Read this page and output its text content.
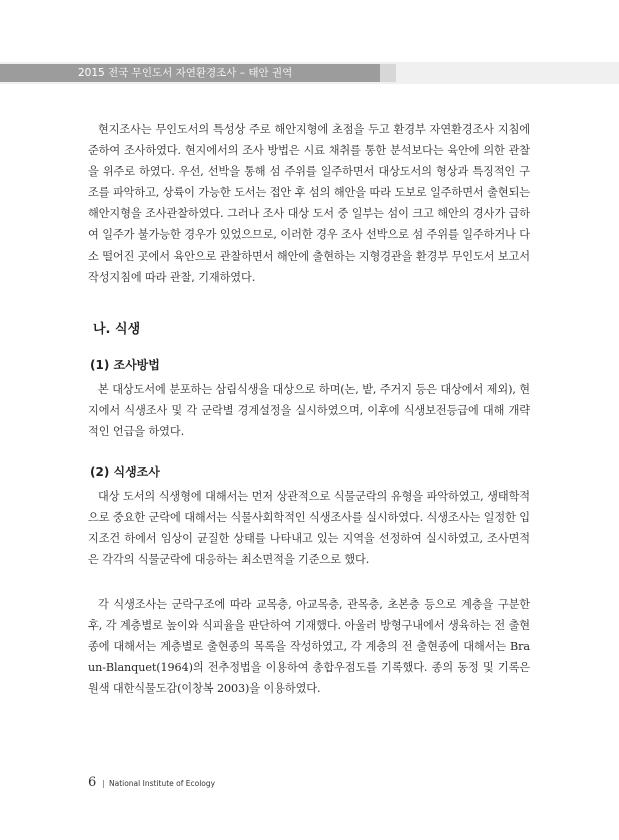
2015 전국 무인도서 자연환경조사 – 태안 권역

현지조사는 무인도서의 특성상 주로 해안지형에 초점을 두고 환경부 자연환경조사 지침에 준하여 조사하였다. 현지에서의 조사 방법은 시료 채취를 통한 분석보다는 육안에 의한 관찰을 위주로 하였다. 우선, 선박을 통해 섬 주위를 일주하면서 대상도서의 형상과 특징적인 구조를 파악하고, 상륙이 가능한 도서는 접안 후 섬의 해안을 따라 도보로 일주하면서 출현되는 해안지형을 조사관찰하였다. 그러나 조사 대상 도서 중 일부는 섬이 크고 해안의 경사가 급하여 일주가 불가능한 경우가 있었으므로, 이러한 경우 조사 선박으로 섬 주위를 일주하거나 다소 떨어진 곳에서 육안으로 관찰하면서 해안에 출현하는 지형경관을 환경부 무인도서 보고서 작성지침에 따라 관찰, 기재하였다.

나. 식생
(1) 조사방법

본 대상도서에 분포하는 삼림식생을 대상으로 하며(논, 밭, 주거지 등은 대상에서 제외), 현지에서 식생조사 및 각 군락별 경계설정을 실시하였으며, 이후에 식생보전등급에 대해 개략적인 언급을 하였다.

(2) 식생조사

대상 도서의 식생형에 대해서는 먼저 상관적으로 식물군락의 유형을 파악하였고, 생태학적으로 중요한 군락에 대해서는 식물사회학적인 식생조사를 실시하였다. 식생조사는 일정한 입지조건 하에서 임상이 균질한 상태를 나타내고 있는 지역을 선정하여 실시하였고, 조사면적은 각각의 식물군락에 대응하는 최소면적을 기준으로 했다.

각 식생조사는 군락구조에 따라 교목층, 아교목층, 관목층, 초본층 등으로 계층을 구분한 후, 각 계층별로 높이와 식피율을 판단하여 기재했다. 아울러 방형구내에서 생육하는 전 출현종에 대해서는 계층별로 출현종의 목록을 작성하였고, 각 계층의 전 출현종에 대해서는 Braun-Blanquet(1964)의 전추정법을 이용하여 총합우점도를 기록했다. 종의 동정 및 기록은 원색 대한식물도감(이창복 2003)을 이용하였다.

6 | National Institute of Ecology
